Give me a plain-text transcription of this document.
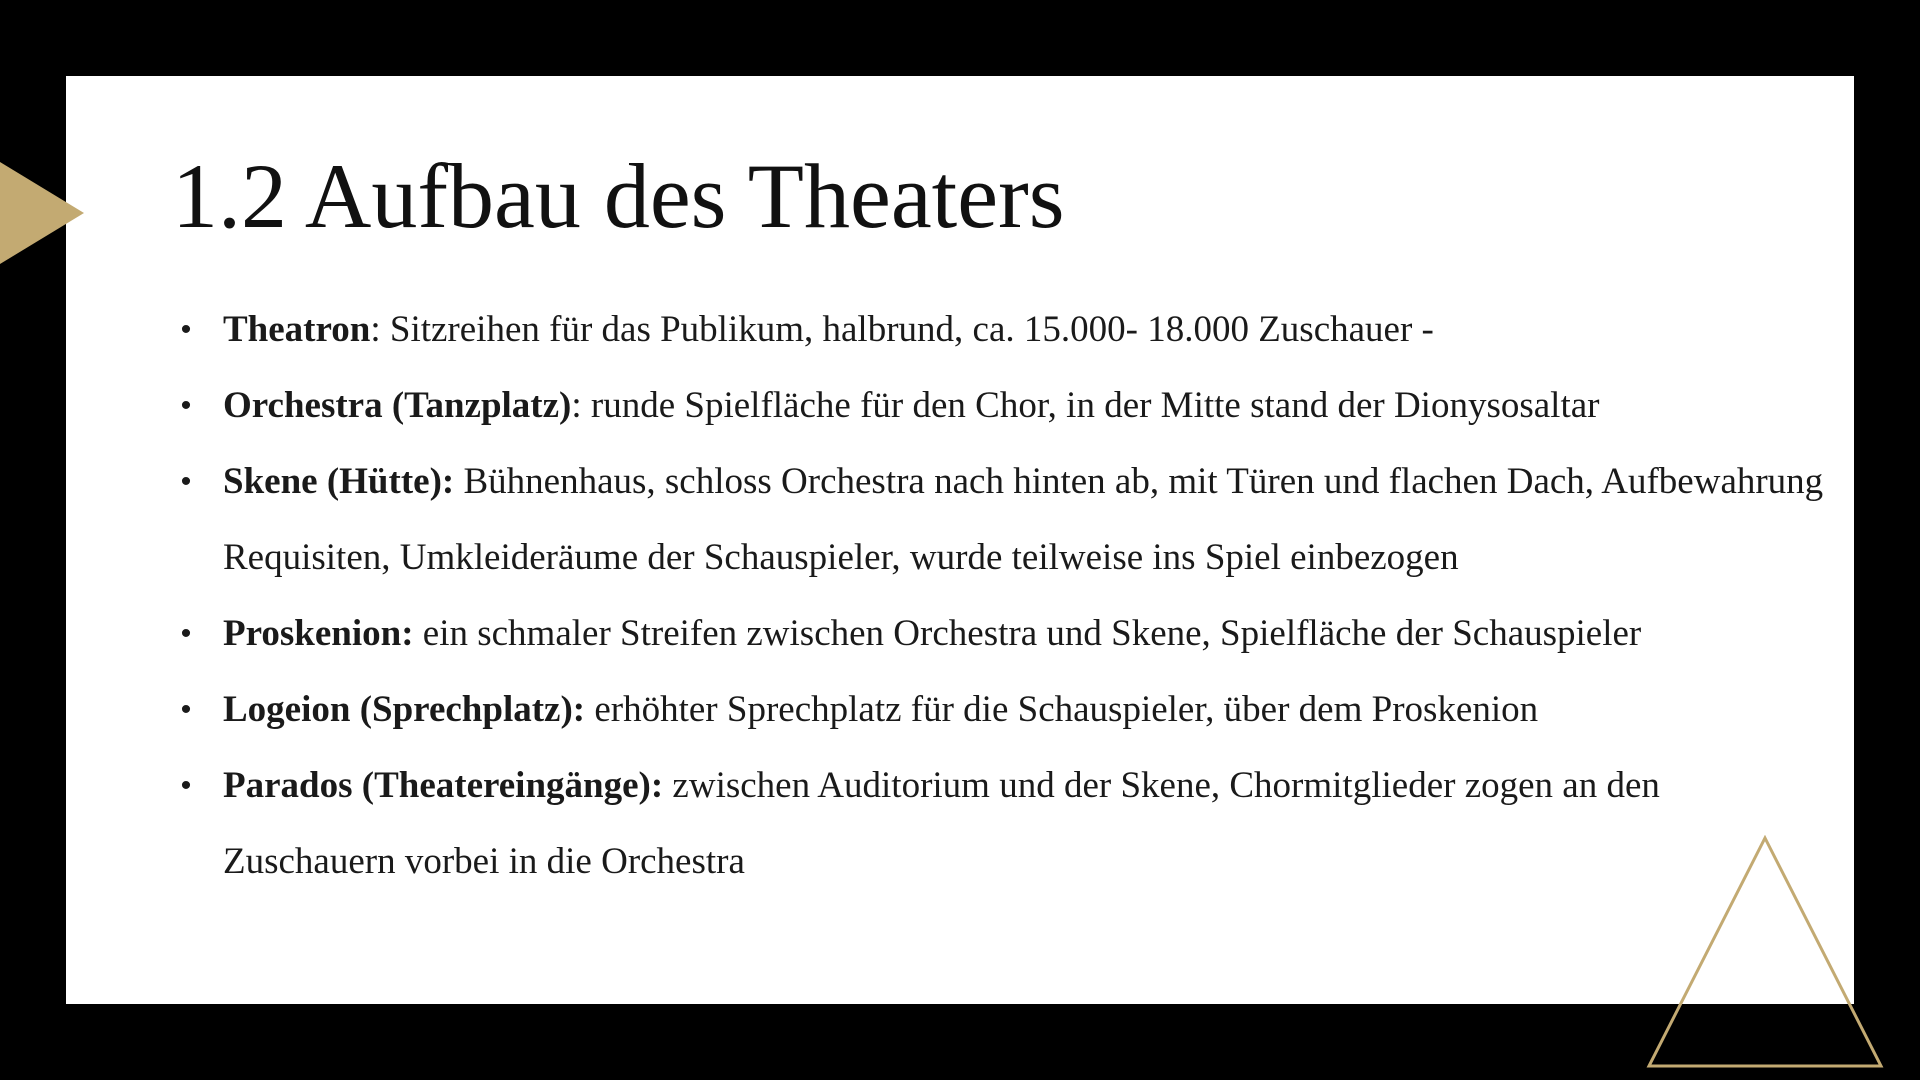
1.2 Aufbau des Theaters
• Theatron: Sitzreihen für das Publikum, halbrund, ca. 15.000- 18.000 Zuschauer -
• Orchestra (Tanzplatz): runde Spielfläche für den Chor, in der Mitte stand der Dionysosaltar
• Skene (Hütte): Bühnenhaus, schloss Orchestra nach hinten ab, mit Türen und flachen Dach, Aufbewahrung Requisiten, Umkleideräume der Schauspieler, wurde teilweise ins Spiel einbezogen
• Proskenion: ein schmaler Streifen zwischen Orchestra und Skene, Spielfläche der Schauspieler
• Logeion (Sprechplatz): erhöhter Sprechplatz für die Schauspieler, über dem Proskenion
• Parados (Theatereingänge): zwischen Auditorium und der Skene, Chormitglieder zogen an den Zuschauern vorbei in die Orchestra
